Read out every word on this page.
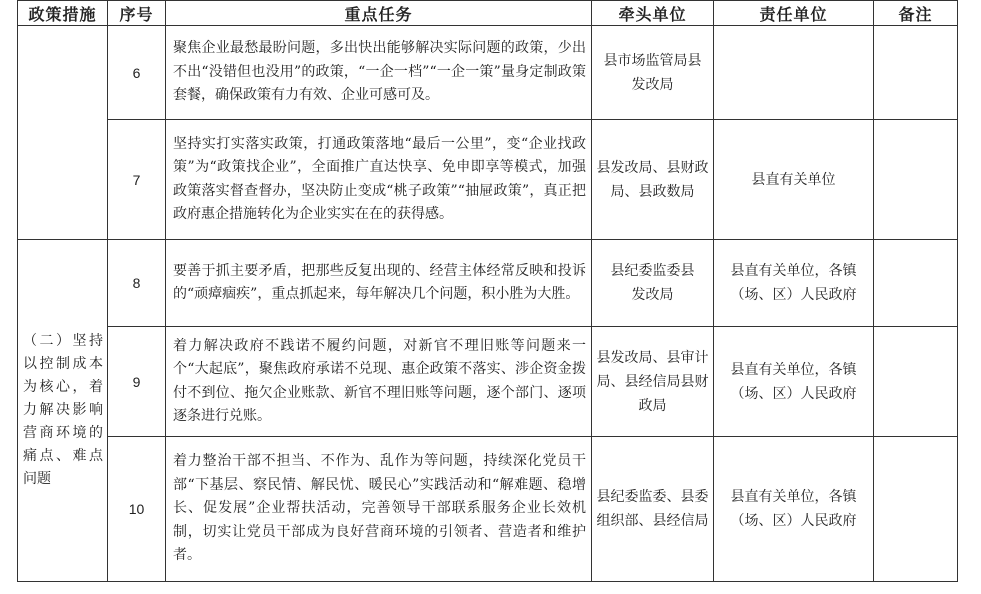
政策措施	序号	重点任务	牵头单位	责任单位	备注
	6	聚焦企业最愁最盼问题，多出快出能够解决实际问题的政策，少出不出“没错但也没用”的政策，“一企一档”“一企一策”量身定制政策套餐，确保政策有力有效、企业可感可及。	县市场监管局县发改局		
	7	坚持实打实落实政策，打通政策落地“最后一公里”，变“企业找政策”为“政策找企业”，全面推广直达快享、免申即享等模式，加强政策落实督查督办，坚决防止变成“桃子政策”“抽屉政策”，真正把政府惠企措施转化为企业实实在在的获得感。	县发改局、县财政局、县政数局	县直有关单位	
（二）坚持以控制成本为核心，着力解决影响营商环境的痛点、难点问题	8	要善于抓主要矛盾，把那些反复出现的、经营主体经常反映和投诉的“顽瘴痼疾”，重点抓起来，每年解决几个问题，积小胜为大胜。	县纪委监委县发改局	县直有关单位，各镇（场、区）人民政府	
	9	着力解决政府不践诺不履约问题，对新官不理旧账等问题来一个“大起底”，聚焦政府承诺不兑现、惠企政策不落实、涉企资金拨付不到位、拖欠企业账款、新官不理旧账等问题，逐个部门、逐项逐条进行兑账。	县发改局、县审计局、县经信局县财政局	县直有关单位，各镇（场、区）人民政府	
	10	着力整治干部不担当、不作为、乱作为等问题，持续深化党员干部“下基层、察民情、解民忧、暖民心”实践活动和“解难题、稳增长、促发展”企业帮扶活动，完善领导干部联系服务企业长效机制，切实让党员干部成为良好营商环境的引领者、营造者和维护者。	县纪委监委、县委组织部、县经信局	县直有关单位，各镇（场、区）人民政府	
